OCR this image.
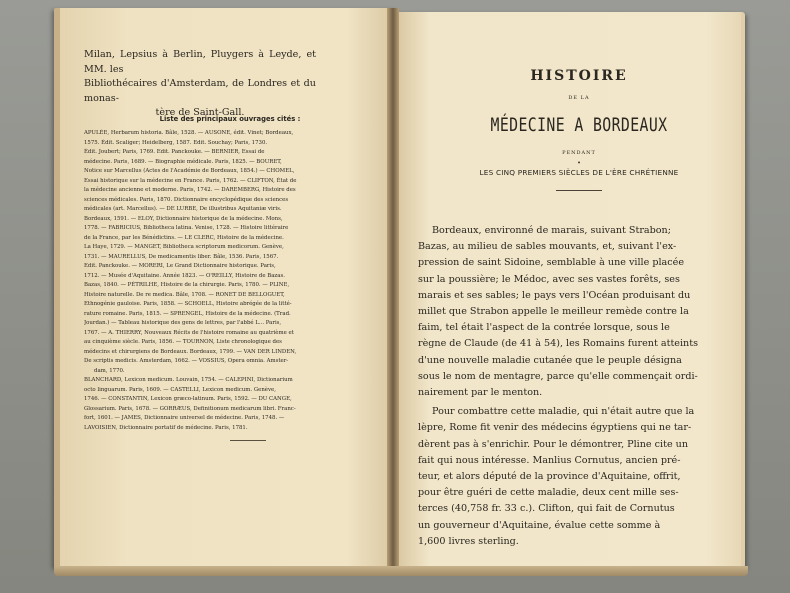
Milan, Lepsius à Berlin, Pluygers à Leyde, et MM. les
Bibliothécaires d'Amsterdam, de Londres et du monas-
tère de Saint-Gall.

Liste des principaux ouvrages cités :

APULÉE, Herbarum historia. Bâle, 1528. — AUSONE, édit. Vinet; Bordeaux,
1575. Édit. Scaliger; Heidelberg, 1587. Edit. Souchay; Paris, 1730.
Édit. Joubert; Paris, 1769. Edit. Panckouke. — BERNIER, Essai de
médecine. Paris, 1689. — Biographie médicale. Paris, 1825. — BOURET,
Notice sur Marcellus (Actes de l'Académie de Bordeaux, 1854.) — CHOMEL,
Essai historique sur la médecine en France. Paris, 1762. — CLIFTON, État de
la médecine ancienne et moderne. Paris, 1742. — DAREMBERG, Histoire des
sciences médicales. Paris, 1870. Dictionnaire encyclopédique des sciences
médicales (art. Marcellus). — DE LURBE, De illustribus Aquitaniæ viris.
Bordeaux, 1591. — ELOY, Dictionnaire historique de la médecine. Mons,
1778. — FABRICIUS, Bibliotheca latina. Venise, 1728. — Histoire littéraire
de la France, par les Bénédictins. — LE CLERC, Histoire de la médecine.
La Haye, 1729. — MANGET, Bibliotheca scriptorum medicorum. Genève,
1731. — MAURELLUS, De medicamentis liber. Bâle, 1536. Paris, 1567.
Edit. Panckouke. — MORERI, Le Grand Dictionnaire historique. Paris,
1712. — Musée d'Aquitaine. Année 1823. — O'REILLY, Histoire de Bazas.
Bazas, 1840. — PÉTRILHE, Histoire de la chirurgie. Paris, 1780. — PLINE,
Histoire naturelle. De re medica. Bâle, 1708. — RONET DE BELLOGUET,
Ethnogénie gauloise. Paris, 1858. — SCHOELL, Histoire abrégée de la litté-
rature romaine. Paris, 1815. — SPRENGEL, Histoire de la médecine. (Trad.
Jourdan.) — Tableau historique des gens de lettres, par l'abbé L... Paris,
1767. — A. THIERRY, Nouveaux Récits de l'histoire romaine au quatrième et
au cinquième siècle. Paris, 1856. — TOURNON, Liste chronologique des
médecins et chirurgiens de Bordeaux. Bordeaux, 1799. — VAN DER LINDEN,
De scriptis medicis. Amsterdam, 1662. — VOSSIUS, Opera omnia. Amster-
dam, 1770.
BLANCHARD, Lexicon medicum. Louvain, 1754. — CALEPINI, Dictionarium
octo linguarum. Paris, 1609. — CASTELLI, Lexicon medicum. Genève,
1746. — CONSTANTIN, Lexicon græco-latinum. Paris, 1592. — DU CANGE,
Glossarium. Paris, 1678. — GORRÆUS, Definitionum medicarum libri. Franc-
fort, 1601. — JAMES, Dictionnaire universel de médecine. Paris, 1748. —
LAVOISIEN, Dictionnaire portatif de médecine. Paris, 1781.

HISTOIRE
DE LA
MÉDECINE A BORDEAUX
PENDANT
•
LES CINQ PREMIERS SIÈCLES DE L'ÈRE CHRÉTIENNE

Bordeaux, environné de marais, suivant Strabon;
Bazas, au milieu de sables mouvants, et, suivant l'ex-
pression de saint Sidoine, semblable à une ville placée
sur la poussière; le Médoc, avec ses vastes forêts, ses
marais et ses sables; le pays vers l'Océan produisant du
millet que Strabon appelle le meilleur remède contre la
faim, tel était l'aspect de la contrée lorsque, sous le
règne de Claude (de 41 à 54), les Romains furent atteints
d'une nouvelle maladie cutanée que le peuple désigna
sous le nom de mentagre, parce qu'elle commençait ordi-
nairement par le menton.
Pour combattre cette maladie, qui n'était autre que la
lèpre, Rome fit venir des médecins égyptiens qui ne tar-
dèrent pas à s'enrichir. Pour le démontrer, Pline cite un
fait qui nous intéresse. Manlius Cornutus, ancien pré-
teur, et alors député de la province d'Aquitaine, offrit,
pour être guéri de cette maladie, deux cent mille ses-
terces (40,758 fr. 33 c.). Clifton, qui fait de Cornutus
un gouverneur d'Aquitaine, évalue cette somme à
1,600 livres sterling.
